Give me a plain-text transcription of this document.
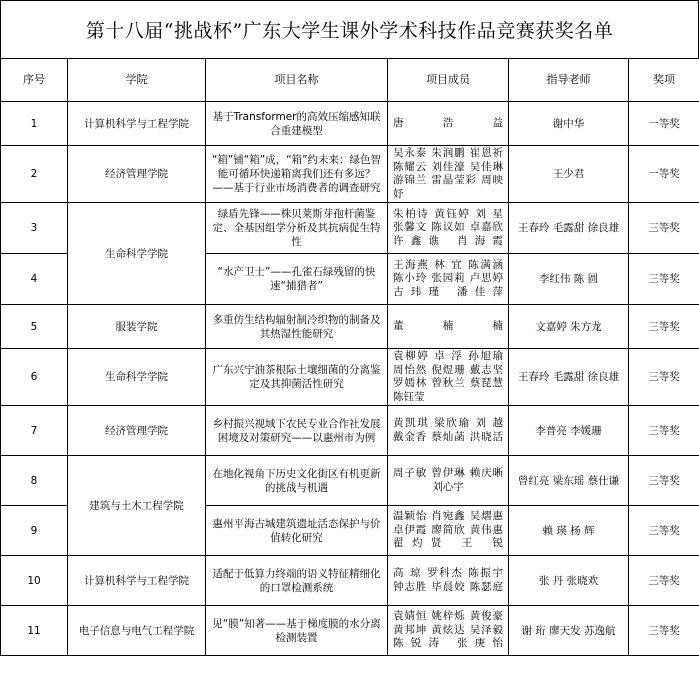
第十八届“挑战杯”广东大学生课外学术科技作品竞赛获奖名单
序号	学院	项目名称	项目成员	指导老师	奖项
1	计算机科学与工程学院	基于Transformer的高效压缩感知联合重建模型	唐浩益	谢中华	一等奖
2	经济管理学院	“箱”铺“箱”成，“箱”约未来：绿色智能可循环快递箱离我们还有多远？——基于行业市场消费者的调查研究	吴永泰 朱润鹏 崔恩祈
陈耀云 刘佳濠 吴佳琳
游锦兰 雷晶莹彩 周映妤	王少君	一等奖
3	生命科学学院	绿盾先锋——株贝莱斯芽孢杆菌鉴定、全基因组学分析及其抗病促生特性	朱柏诗 黄钰婷 刘 星
张馨文 陈议如 卓嘉欣
许鑫谯 肖海霞	王春玲 毛露甜 徐良雄	三等奖
4		“水产卫士”——孔雀石绿残留的快速“捕猎者”	王海燕 林 宜 陈满涵
陈小玲 张园莉 卢思婷
古玮瑾 潘佳萍	李红伟 陈 圆	三等奖
5	服装学院	多重仿生结构辐射制冷织物的制备及其热湿性能研究	董楠楠	文嘉婷 朱方龙	三等奖
6	生命科学学院	广东兴宁油茶根际土壤细菌的分离鉴定及其抑菌活性研究	袁柳婷 卓 浮 孙旭瑜
周怡然 倪煜珊 戴志坚
罗嫣林 曾秋兰 蔡琵慧
陈钰莹	王春玲 毛露甜 徐良雄	三等奖
7	经济管理学院	乡村振兴视域下农民专业合作社发展困境及对策研究——以惠州市为例	黄凯琪 梁欣瑜 刘 越
戴金香 蔡灿菡 洪晓活	李普亮 李媛珊	三等奖
8	建筑与土木工程学院	在地化视角下历史文化街区有机更新的挑战与机遇	周子敏 曾伊琳 赖庆晰
刘心宇	曾红亮 梁东瑶 蔡仕谦	三等奖
9		惠州平海古城建筑遗址活态保护与价值转化研究	温颖怡 肖宛鑫 吴熠惠
卓伊霞 廖简欣 黄伟惠
翟灼贤 王 锐	赖 瑛 杨 辉	三等奖
10	计算机科学与工程学院	适配于低算力终端的语义特征精细化的口罩检测系统	高 琼 罗科杰 陈振宇
钟志胜 毕晨姣 陈瑟庭	张 丹 张晓欢	三等奖
11	电子信息与电气工程学院	见“膜”知著——基于梯度膜的水分离检测装置	袁婧恒 姚梓烁 黄俊豪
黄邦坤 黄炫达 吴泽毅
陈锐涛 张庚怡	谢 珩 廖天发 苏逸航	三等奖
